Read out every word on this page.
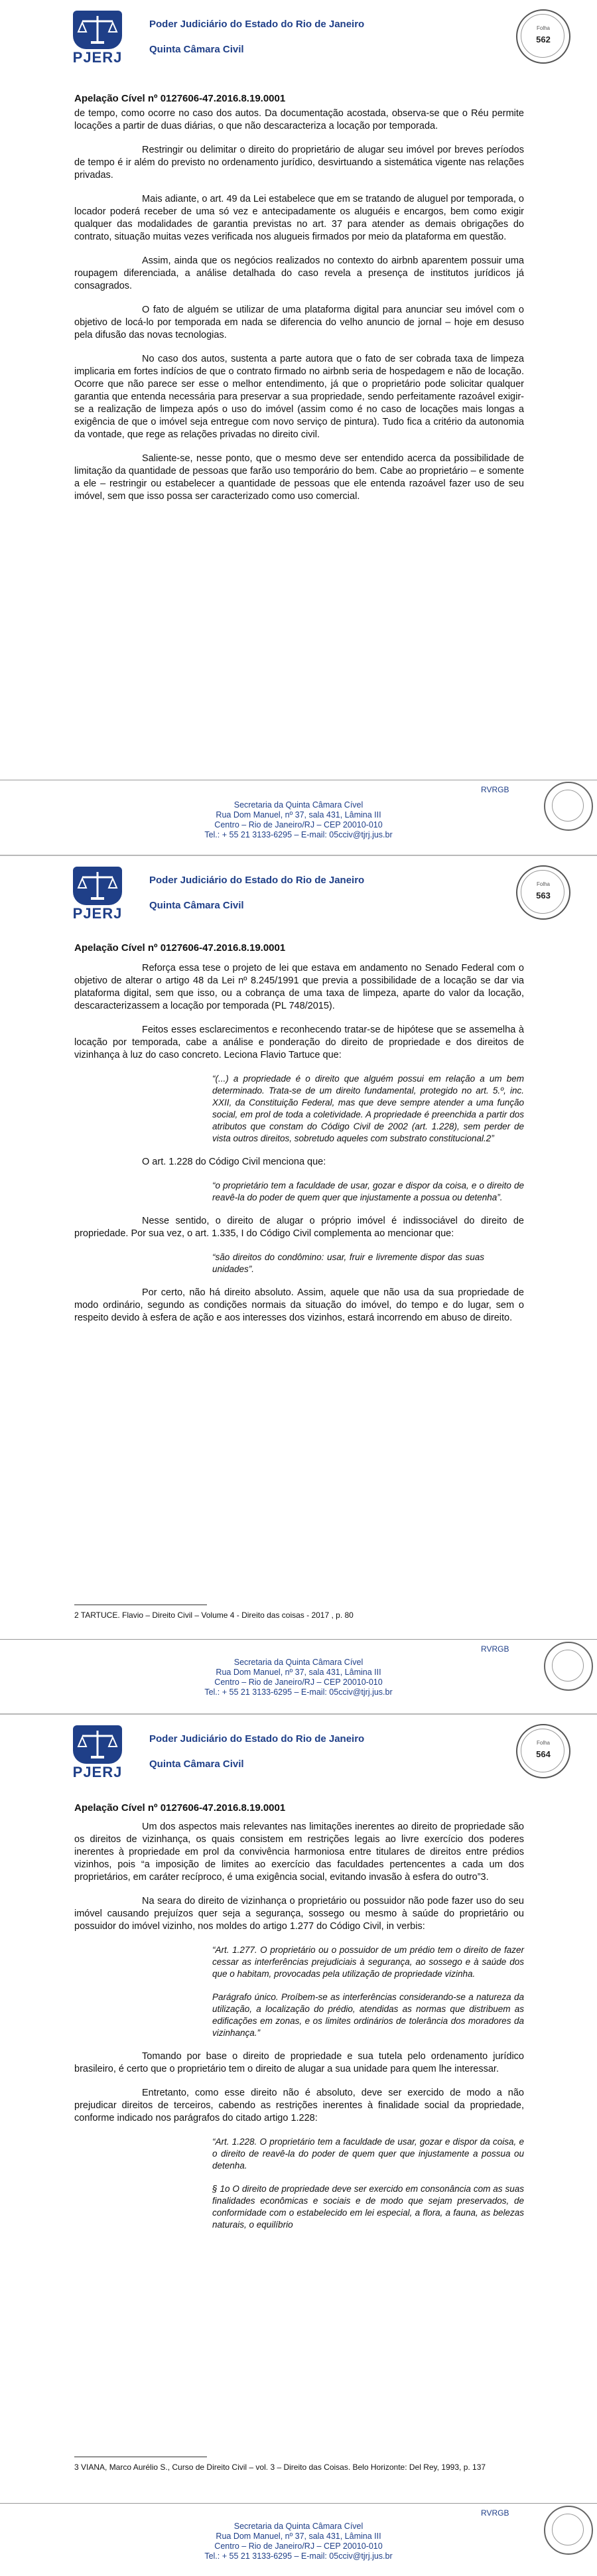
PJERJ
Poder Judiciário do Estado do Rio de Janeiro
Quinta Câmara Civil
Folha
562
Apelação Cível nº 0127606-47.2016.8.19.0001

de tempo, como ocorre no caso dos autos. Da documentação acostada, observa-se que o Réu permite locações a partir de duas diárias, o que não descaracteriza a locação por temporada.

Restringir ou delimitar o direito do proprietário de alugar seu imóvel por breves períodos de tempo é ir além do previsto no ordenamento jurídico, desvirtuando a sistemática vigente nas relações privadas.

Mais adiante, o art. 49 da Lei estabelece que em se tratando de aluguel por temporada, o locador poderá receber de uma só vez e antecipadamente os aluguéis e encargos, bem como exigir qualquer das modalidades de garantia previstas no art. 37 para atender as demais obrigações do contrato, situação muitas vezes verificada nos alugueis firmados por meio da plataforma em questão.

Assim, ainda que os negócios realizados no contexto do airbnb aparentem possuir uma roupagem diferenciada, a análise detalhada do caso revela a presença de institutos jurídicos já consagrados.

O fato de alguém se utilizar de uma plataforma digital para anunciar seu imóvel com o objetivo de locá-lo por temporada em nada se diferencia do velho anuncio de jornal – hoje em desuso pela difusão das novas tecnologias.

No caso dos autos, sustenta a parte autora que o fato de ser cobrada taxa de limpeza implicaria em fortes indícios de que o contrato firmado no airbnb seria de hospedagem e não de locação. Ocorre que não parece ser esse o melhor entendimento, já que o proprietário pode solicitar qualquer garantia que entenda necessária para preservar a sua propriedade, sendo perfeitamente razoável exigir-se a realização de limpeza após o uso do imóvel (assim como é no caso de locações mais longas a exigência de que o imóvel seja entregue com novo serviço de pintura). Tudo fica a critério da autonomia da vontade, que rege as relações privadas no direito civil.

Saliente-se, nesse ponto, que o mesmo deve ser entendido acerca da possibilidade de limitação da quantidade de pessoas que farão uso temporário do bem. Cabe ao proprietário – e somente a ele – restringir ou estabelecer a quantidade de pessoas que ele entenda razoável fazer uso de seu imóvel, sem que isso possa ser caracterizado como uso comercial.

RVRGB
Secretaria da Quinta Câmara Cível
Rua Dom Manuel, nº 37, sala 431, Lâmina III
Centro – Rio de Janeiro/RJ – CEP 20010-010
Tel.: + 55 21 3133-6295 – E-mail: 05cciv@tjrj.jus.br
PJERJ
Poder Judiciário do Estado do Rio de Janeiro
Quinta Câmara Civil
Folha
563
Apelação Cível nº 0127606-47.2016.8.19.0001

Reforça essa tese o projeto de lei que estava em andamento no Senado Federal com o objetivo de alterar o artigo 48 da Lei nº 8.245/1991 que previa a possibilidade de a locação se dar via plataforma digital, sem que isso, ou a cobrança de uma taxa de limpeza, aparte do valor da locação, descaracterizassem a locação por temporada (PL 748/2015).

Feitos esses esclarecimentos e reconhecendo tratar-se de hipótese que se assemelha à locação por temporada, cabe a análise e ponderação do direito de propriedade e dos direitos de vizinhança à luz do caso concreto. Leciona Flavio Tartuce que:

“(...) a propriedade é o direito que alguém possui em relação a um bem determinado. Trata-se de um direito fundamental, protegido no art. 5.º, inc. XXII, da Constituição Federal, mas que deve sempre atender a uma função social, em prol de toda a coletividade. A propriedade é preenchida a partir dos atributos que constam do Código Civil de 2002 (art. 1.228), sem perder de vista outros direitos, sobretudo aqueles com substrato constitucional.2”

O art. 1.228 do Código Civil menciona que:

“o proprietário tem a faculdade de usar, gozar e dispor da coisa, e o direito de reavê-la do poder de quem quer que injustamente a possua ou detenha”.

Nesse sentido, o direito de alugar o próprio imóvel é indissociável do direito de propriedade. Por sua vez, o art. 1.335, I do Código Civil complementa ao mencionar que:

“são direitos do condômino: usar, fruir e livremente dispor das suas unidades”.

Por certo, não há direito absoluto. Assim, aquele que não usa da sua propriedade de modo ordinário, segundo as condições normais da situação do imóvel, do tempo e do lugar, sem o respeito devido à esfera de ação e aos interesses dos vizinhos, estará incorrendo em abuso de direito.

2 TARTUCE. Flavio – Direito Civil – Volume 4 - Direito das coisas - 2017 , p. 80
RVRGB
Secretaria da Quinta Câmara Cível
Rua Dom Manuel, nº 37, sala 431, Lâmina III
Centro – Rio de Janeiro/RJ – CEP 20010-010
Tel.: + 55 21 3133-6295 – E-mail: 05cciv@tjrj.jus.br
PJERJ
Poder Judiciário do Estado do Rio de Janeiro
Quinta Câmara Civil
Folha
564
Apelação Cível nº 0127606-47.2016.8.19.0001

Um dos aspectos mais relevantes nas limitações inerentes ao direito de propriedade são os direitos de vizinhança, os quais consistem em restrições legais ao livre exercício dos poderes inerentes à propriedade em prol da convivência harmoniosa entre titulares de direitos entre prédios vizinhos, pois “a imposição de limites ao exercício das faculdades pertencentes a cada um dos proprietários, em caráter recíproco, é uma exigência social, evitando invasão à esfera do outro”3.

Na seara do direito de vizinhança o proprietário ou possuidor não pode fazer uso do seu imóvel causando prejuízos quer seja a segurança, sossego ou mesmo à saúde do proprietário ou possuidor do imóvel vizinho, nos moldes do artigo 1.277 do Código Civil, in verbis:

“Art. 1.277. O proprietário ou o possuidor de um prédio tem o direito de fazer cessar as interferências prejudiciais à segurança, ao sossego e à saúde dos que o habitam, provocadas pela utilização de propriedade vizinha.
Parágrafo único. Proíbem-se as interferências considerando-se a natureza da utilização, a localização do prédio, atendidas as normas que distribuem as edificações em zonas, e os limites ordinários de tolerância dos moradores da vizinhança.”

Tomando por base o direito de propriedade e sua tutela pelo ordenamento jurídico brasileiro, é certo que o proprietário tem o direito de alugar a sua unidade para quem lhe interessar.

Entretanto, como esse direito não é absoluto, deve ser exercido de modo a não prejudicar direitos de terceiros, cabendo as restrições inerentes à finalidade social da propriedade, conforme indicado nos parágrafos do citado artigo 1.228:

“Art. 1.228. O proprietário tem a faculdade de usar, gozar e dispor da coisa, e o direito de reavê-la do poder de quem quer que injustamente a possua ou detenha.
§ 1o O direito de propriedade deve ser exercido em consonância com as suas finalidades econômicas e sociais e de modo que sejam preservados, de conformidade com o estabelecido em lei especial, a flora, a fauna, as belezas naturais, o equilíbrio
3 VIANA, Marco Aurélio S., Curso de Direito Civil – vol. 3 – Direito das Coisas. Belo Horizonte: Del Rey, 1993, p. 137
RVRGB
Secretaria da Quinta Câmara Cível
Rua Dom Manuel, nº 37, sala 431, Lâmina III
Centro – Rio de Janeiro/RJ – CEP 20010-010
Tel.: + 55 21 3133-6295 – E-mail: 05cciv@tjrj.jus.br
